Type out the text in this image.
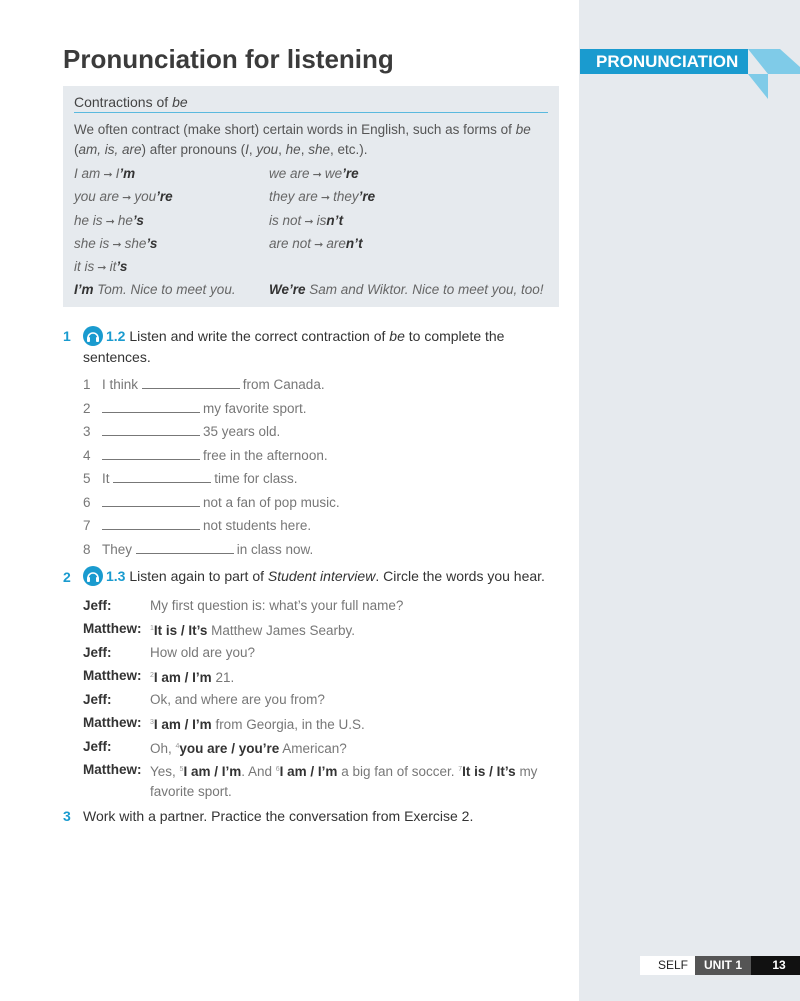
PRONUNCIATION
Pronunciation for listening
Contractions of be
We often contract (make short) certain words in English, such as forms of be (am, is, are) after pronouns (I, you, he, she, etc.).
I am ➞ I’m	we are ➞ we’re
you are ➞ you’re	they are ➞ they’re
he is ➞ he’s	is not ➞ isn’t
she is ➞ she’s	are not ➞ aren’t
it is ➞ it’s
I’m Tom. Nice to meet you. We’re Sam and Wiktor. Nice to meet you, too!
1	1.2 Listen and write the correct contraction of be to complete the
sentences.
1 I think	from Canada.
2	my favorite sport.
3	35 years old.
4	free in the afternoon.
5 It	time for class.
6	not a fan of pop music.
7	not students here.
8 They	in class now.
2	1.3 Listen again to part of Student interview. Circle the words you hear.
Jeff:	My first question is: what’s your full name?
Matthew: $^1$It is / It’s Matthew James Searby.
Jeff:	How old are you?
Matthew: $^2$I am / I’m 21.
Jeff:	Ok, and where are you from?
Matthew: $^3$I am / I’m from Georgia, in the U.S.
Jeff:	Oh, $^4$you are / you’re American?
Matthew: Yes, $^5$I am / I’m. And $^6$I am / I’m a big fan of soccer. $^7$It is / It’s my favorite sport.
3 Work with a partner. Practice the conversation from Exercise 2.
SELF	UNIT 1	13
